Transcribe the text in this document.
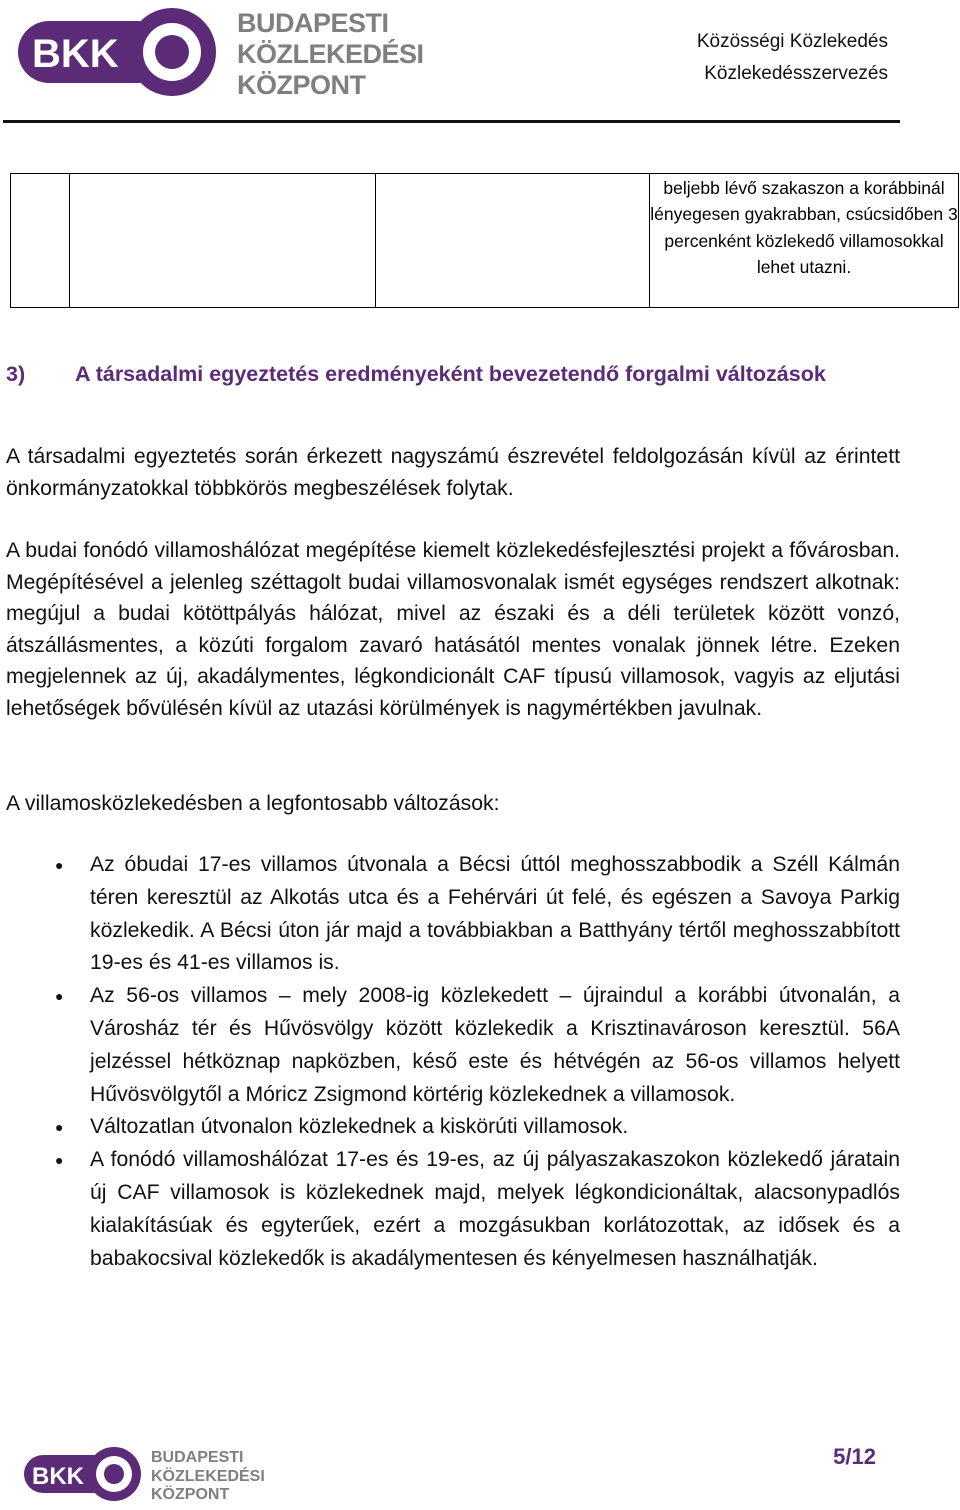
BKK
BUDAPESTI
KÖZLEKEDÉSI
KÖZPONT
Közösségi Közlekedés
Közlekedésszervezés

beljebb lévő szakaszon a korábbinál lényegesen gyakrabban, csúcsidőben 3 percenként közlekedő villamosokkal lehet utazni.
3) A társadalmi egyeztetés eredményeként bevezetendő forgalmi változások
A társadalmi egyeztetés során érkezett nagyszámú észrevétel feldolgozásán kívül az érintett önkormányzatokkal többkörös megbeszélések folytak.
A budai fonódó villamoshálózat megépítése kiemelt közlekedésfejlesztési projekt a fővárosban. Megépítésével a jelenleg széttagolt budai villamosvonalak ismét egységes rendszert alkotnak: megújul a budai kötöttpályás hálózat, mivel az északi és a déli területek között vonzó, átszállásmentes, a közúti forgalom zavaró hatásától mentes vonalak jönnek létre. Ezeken megjelennek az új, akadálymentes, légkondicionált CAF típusú villamosok, vagyis az eljutási lehetőségek bővülésén kívül az utazási körülmények is nagymértékben javulnak.
A villamosközlekedésben a legfontosabb változások:
● Az óbudai 17-es villamos útvonala a Bécsi úttól meghosszabbodik a Széll Kálmán téren keresztül az Alkotás utca és a Fehérvári út felé, és egészen a Savoya Parkig közlekedik. A Bécsi úton jár majd a továbbiakban a Batthyány tértől meghosszabbított 19-es és 41-es villamos is.
● Az 56-os villamos – mely 2008-ig közlekedett – újraindul a korábbi útvonalán, a Városház tér és Hűvösvölgy között közlekedik a Krisztinavároson keresztül. 56A jelzéssel hétköznap napközben, késő este és hétvégén az 56-os villamos helyett Hűvösvölgytől a Móricz Zsigmond körtérig közlekednek a villamosok.
● Változatlan útvonalon közlekednek a kiskörúti villamosok.
● A fonódó villamoshálózat 17-es és 19-es, az új pályaszakaszokon közlekedő járatain új CAF villamosok is közlekednek majd, melyek légkondicionáltak, alacsonypadlós kialakításúak és egyterűek, ezért a mozgásukban korlátozottak, az idősek és a babakocsival közlekedők is akadálymentesen és kényelmesen használhatják.
BKK
BUDAPESTI
KÖZLEKEDÉSI
KÖZPONT
5/12
